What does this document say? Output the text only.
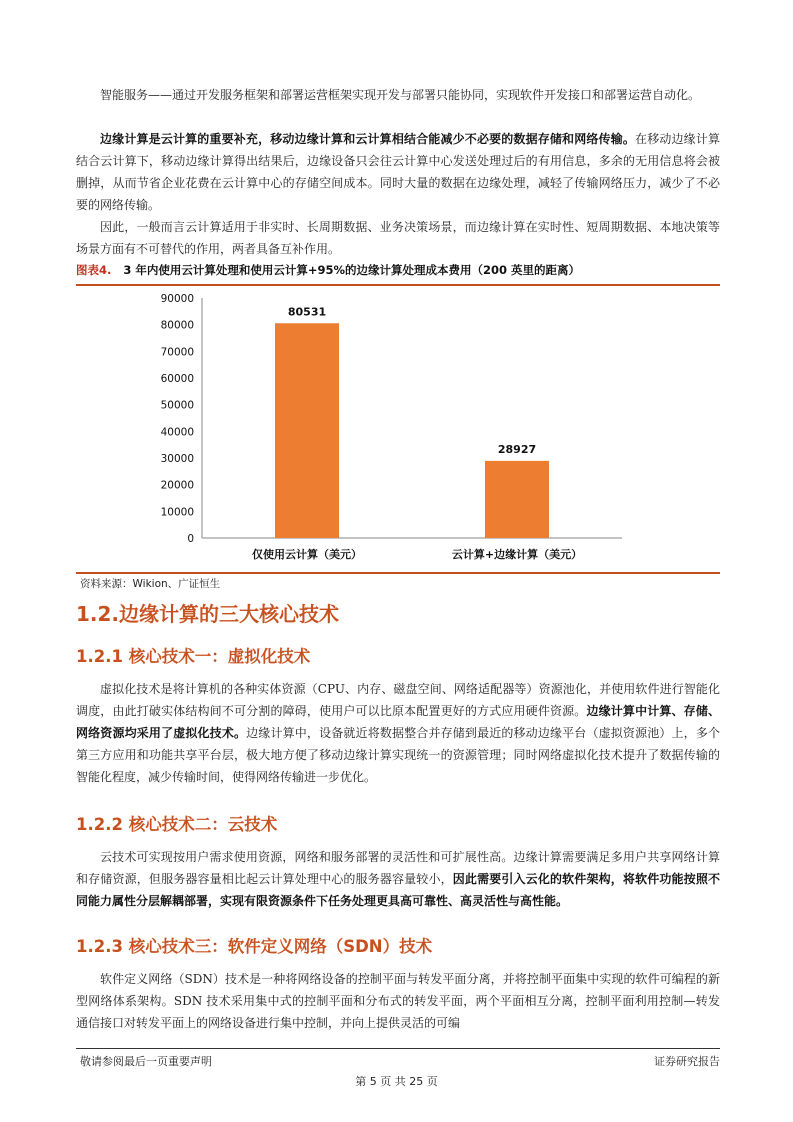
智能服务——通过开发服务框架和部署运营框架实现开发与部署只能协同，实现软件开发接口和部署运营自动化。

边缘计算是云计算的重要补充，移动边缘计算和云计算相结合能减少不必要的数据存储和网络传输。在移动边缘计算结合云计算下，移动边缘计算得出结果后，边缘设备只会往云计算中心发送处理过后的有用信息，多余的无用信息将会被删掉，从而节省企业花费在云计算中心的存储空间成本。同时大量的数据在边缘处理，减轻了传输网络压力，减少了不必要的网络传输。

因此，一般而言云计算适用于非实时、长周期数据、业务决策场景，而边缘计算在实时性、短周期数据、本地决策等场景方面有不可替代的作用，两者具备互补作用。

图表4. 3 年内使用云计算处理和使用云计算+95%的边缘计算处理成本费用（200 英里的距离）
0
10000
20000
30000
40000
50000
60000
70000
80000
90000
80531
仅使用云计算（美元）
28927
云计算+边缘计算（美元）
资料来源：Wikion、广证恒生
1.2.边缘计算的三大核心技术
1.2.1 核心技术一：虚拟化技术

虚拟化技术是将计算机的各种实体资源（CPU、内存、磁盘空间、网络适配器等）资源池化，并使用软件进行智能化调度，由此打破实体结构间不可分割的障碍，使用户可以比原本配置更好的方式应用硬件资源。边缘计算中计算、存储、网络资源均采用了虚拟化技术。边缘计算中，设备就近将数据整合并存储到最近的移动边缘平台（虚拟资源池）上，多个第三方应用和功能共享平台层，极大地方便了移动边缘计算实现统一的资源管理；同时网络虚拟化技术提升了数据传输的智能化程度，减少传输时间，使得网络传输进一步优化。

1.2.2 核心技术二：云技术

云技术可实现按用户需求使用资源，网络和服务部署的灵活性和可扩展性高。边缘计算需要满足多用户共享网络计算和存储资源，但服务器容量相比起云计算处理中心的服务器容量较小，因此需要引入云化的软件架构，将软件功能按照不同能力属性分层解耦部署，实现有限资源条件下任务处理更具高可靠性、高灵活性与高性能。

1.2.3 核心技术三：软件定义网络（SDN）技术

软件定义网络（SDN）技术是一种将网络设备的控制平面与转发平面分离，并将控制平面集中实现的软件可编程的新型网络体系架构。SDN 技术采用集中式的控制平面和分布式的转发平面，两个平面相互分离，控制平面利用控制—转发通信接口对转发平面上的网络设备进行集中控制，并向上提供灵活的可编

敬请参阅最后一页重要声明	证券研究报告
第 5 页 共 25 页
